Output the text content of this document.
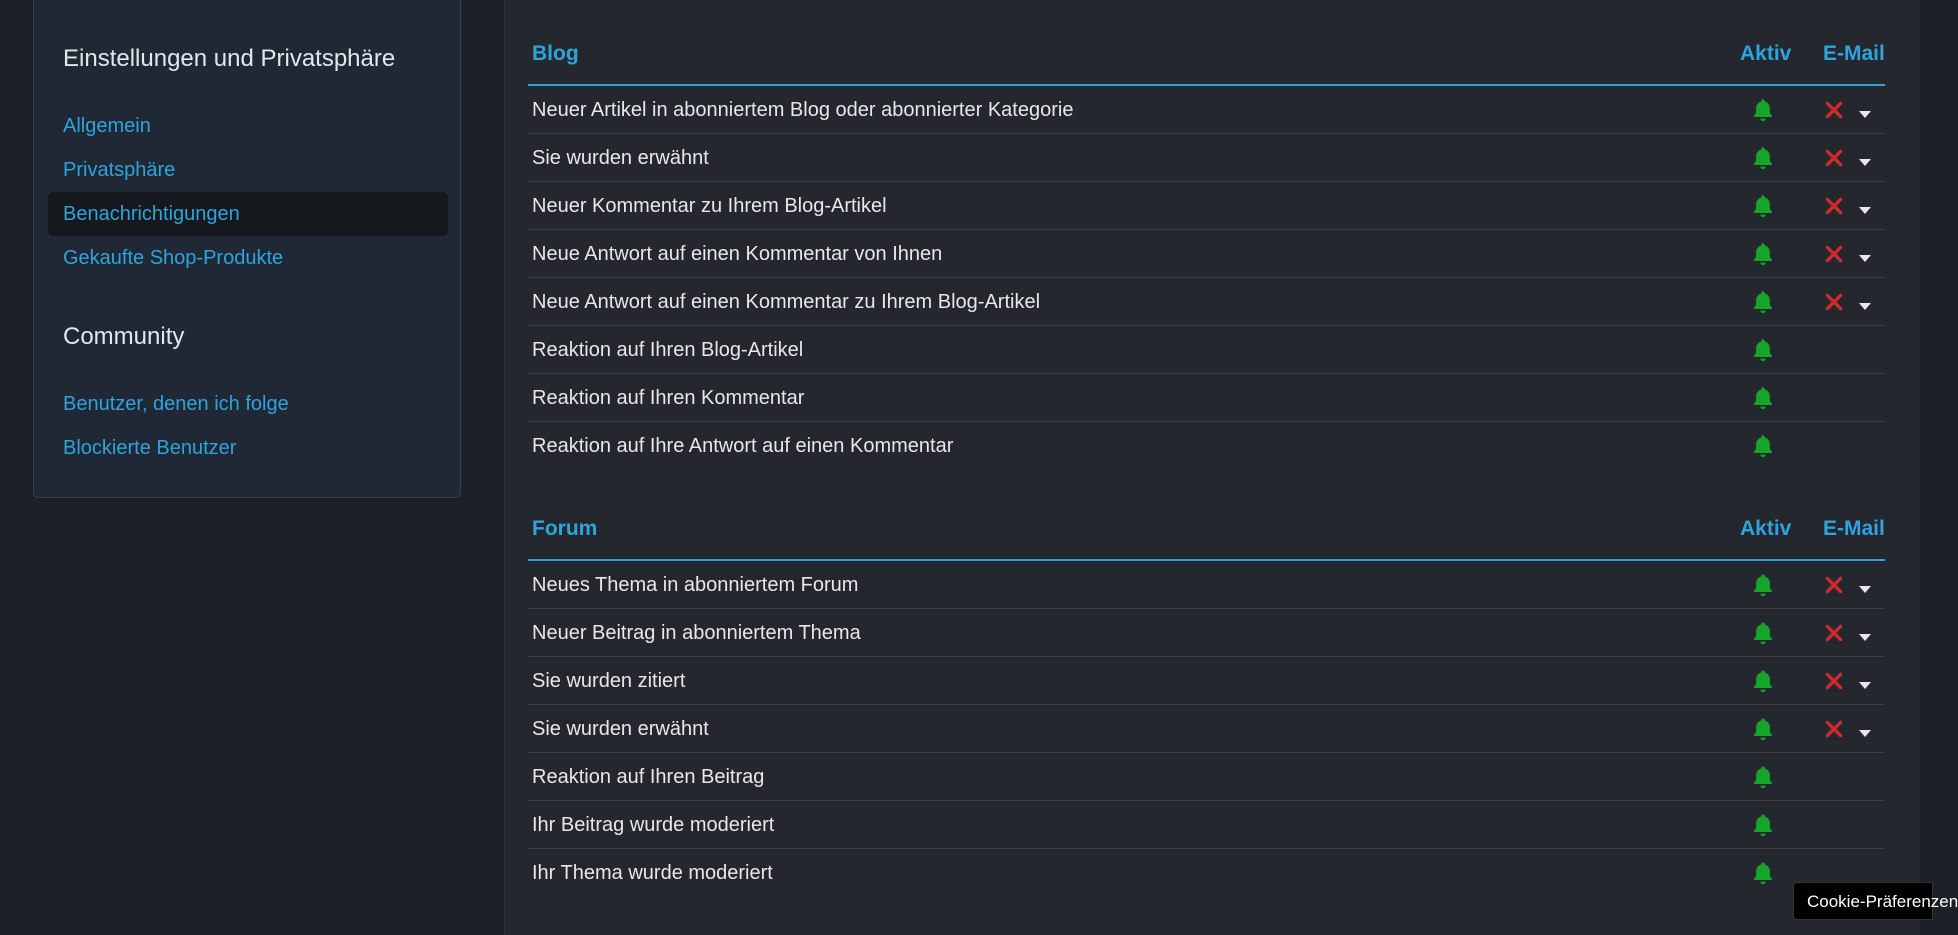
Einstellungen und Privatsphäre
Allgemein
Privatsphäre
Benachrichtigungen
Gekaufte Shop-Produkte
Community
Benutzer, denen ich folge
Blockierte Benutzer
Blog	Aktiv E-Mail
Neuer Artikel in abonniertem Blog oder abonnierter Kategorie
Sie wurden erwähnt
Neuer Kommentar zu Ihrem Blog-Artikel
Neue Antwort auf einen Kommentar von Ihnen
Neue Antwort auf einen Kommentar zu Ihrem Blog-Artikel
Reaktion auf Ihren Blog-Artikel
Reaktion auf Ihren Kommentar
Reaktion auf Ihre Antwort auf einen Kommentar
Forum	Aktiv E-Mail
Neues Thema in abonniertem Forum
Neuer Beitrag in abonniertem Thema
Sie wurden zitiert
Sie wurden erwähnt
Reaktion auf Ihren Beitrag
Ihr Beitrag wurde moderiert
Ihr Thema wurde moderiert
Cookie-Präferenzen
